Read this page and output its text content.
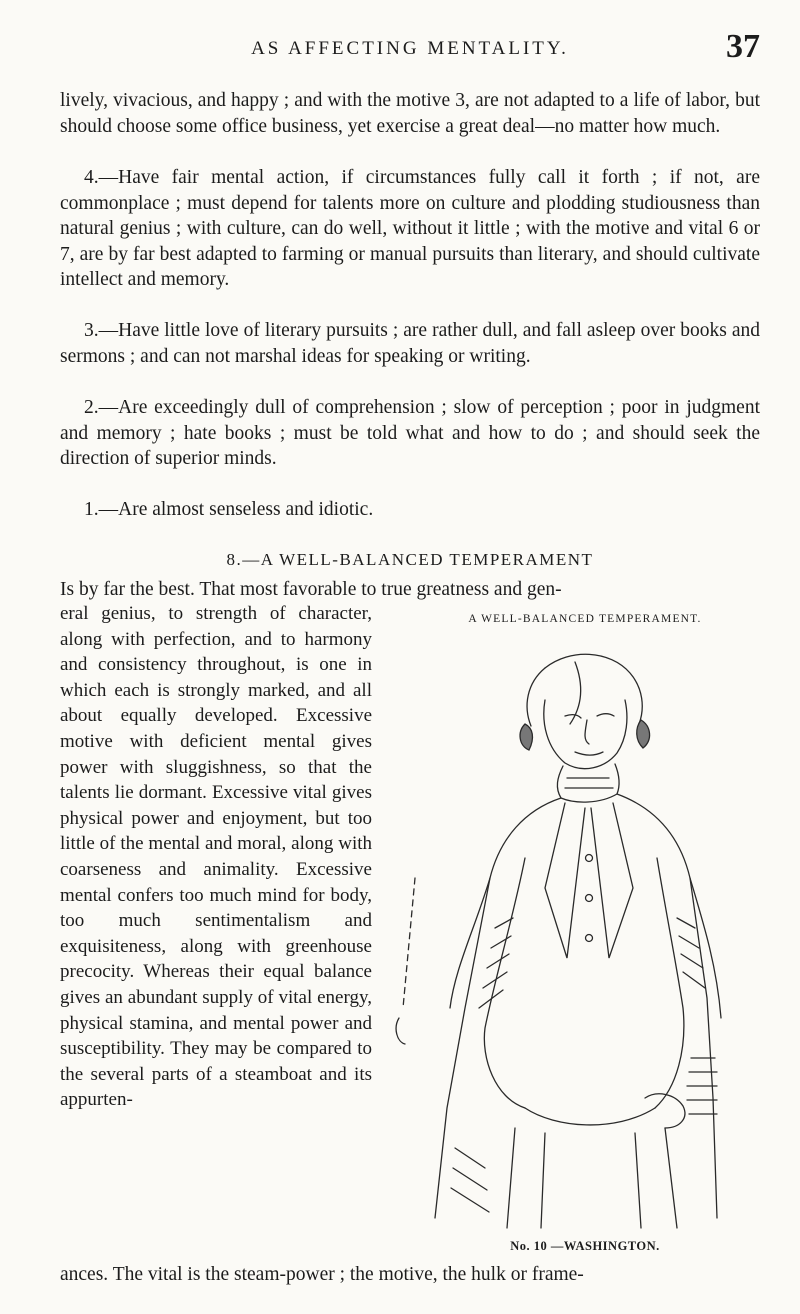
AS AFFECTING MENTALITY.	37

lively, vivacious, and happy ; and with the motive 3, are not adapted to a life of labor, but should choose some office business, yet exercise a great deal—no matter how much.

4.—Have fair mental action, if circumstances fully call it forth ; if not, are commonplace ; must depend for talents more on culture and plodding studiousness than natural genius ; with culture, can do well, without it little ; with the motive and vital 6 or 7, are by far best adapted to farming or manual pursuits than literary, and should cultivate intellect and memory.

3.—Have little love of literary pursuits ; are rather dull, and fall asleep over books and sermons ; and can not marshal ideas for speaking or writing.

2.—Are exceedingly dull of comprehension ; slow of perception ; poor in judgment and memory ; hate books ; must be told what and how to do ; and should seek the direction of superior minds.

1.—Are almost senseless and idiotic.

8.—A WELL-BALANCED TEMPERAMENT

Is by far the best. That most favorable to true greatness and gen-

eral genius, to strength of character, along with perfection, and to harmony and consistency throughout, is one in which each is strongly marked, and all about equally developed. Excessive motive with deficient mental gives power with sluggishness, so that the talents lie dormant. Excessive vital gives physical power and enjoyment, but too little of the mental and moral, along with coarseness and animality. Excessive mental confers too much mind for body, too much sentimentalism and exquisiteness, along with greenhouse precocity. Whereas their equal balance gives an abundant supply of vital energy, physical stamina, and mental power and susceptibility. They may be compared to the several parts of a steamboat and its appurten-

A WELL-BALANCED TEMPERAMENT.
No. 10 —WASHINGTON.

ances. The vital is the steam-power ; the motive, the hulk or frame-
